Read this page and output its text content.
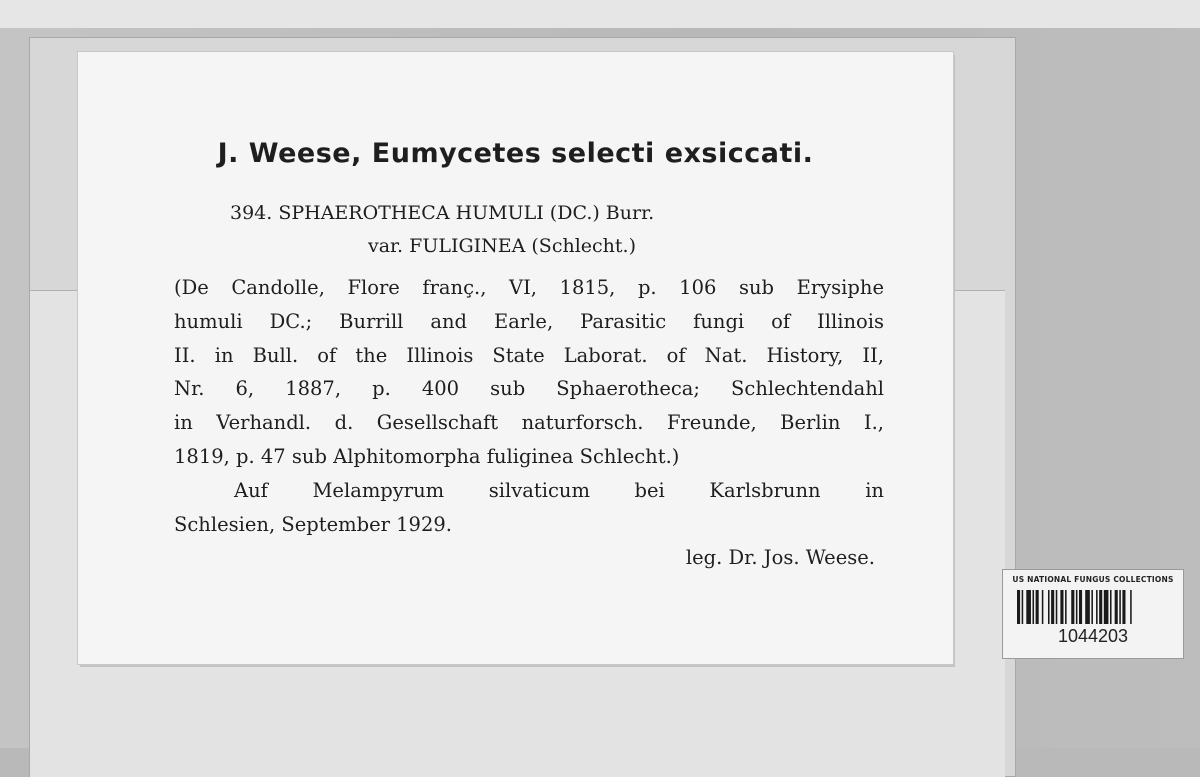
J. Weese, Eumycetes selecti exsiccati.
394. SPHAEROTHECA HUMULI (DC.) Burr.
var. FULIGINEA (Schlecht.)
(De Candolle, Flore franç., VI, 1815, p. 106 sub Erysiphe
humuli DC.; Burrill and Earle, Parasitic fungi of Illinois
II. in Bull. of the Illinois State Laborat. of Nat. History, II,
Nr. 6, 1887, p. 400 sub Sphaerotheca; Schlechtendahl
in Verhandl. d. Gesellschaft naturforsch. Freunde, Berlin I.,
1819, p. 47 sub Alphitomorpha fuliginea Schlecht.)
Auf Melampyrum silvaticum bei Karlsbrunn in
Schlesien, September 1929.
leg. Dr. Jos. Weese.
US NATIONAL FUNGUS COLLECTIONS
1044203
